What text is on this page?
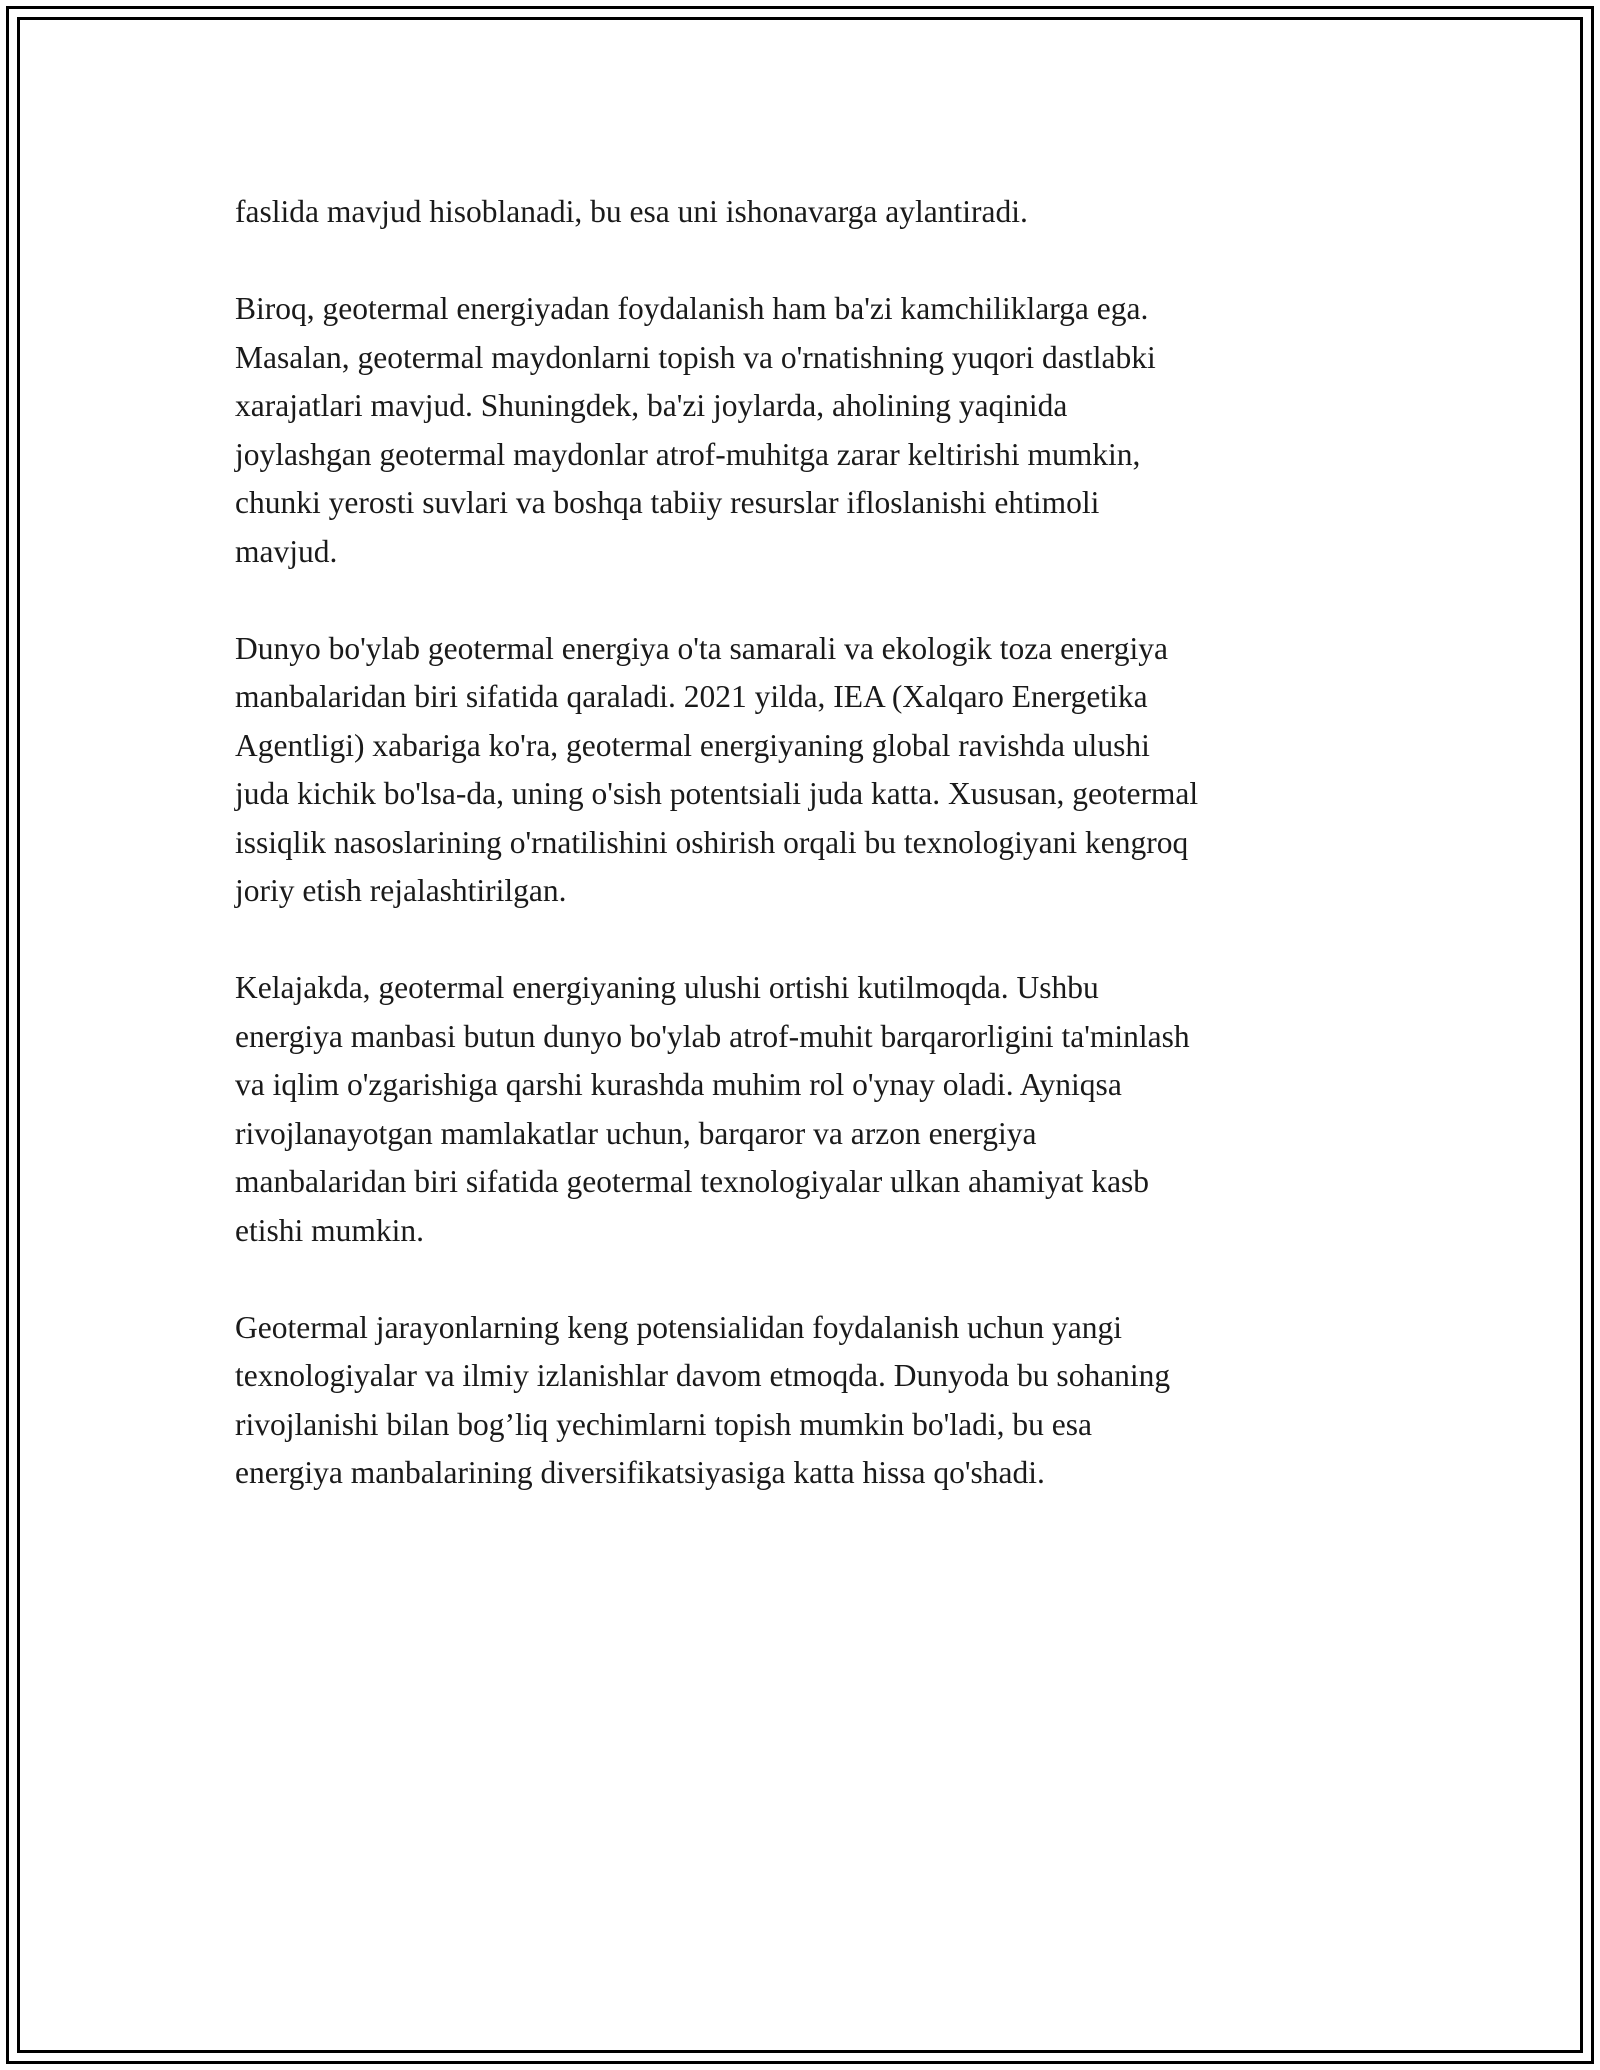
faslida mavjud hisoblanadi, bu esa uni ishonavarga aylantiradi.

Biroq, geotermal energiyadan foydalanish ham ba'zi kamchiliklarga ega.
Masalan, geotermal maydonlarni topish va o'rnatishning yuqori dastlabki
xarajatlari mavjud. Shuningdek, ba'zi joylarda, aholining yaqinida
joylashgan geotermal maydonlar atrof-muhitga zarar keltirishi mumkin,
chunki yerosti suvlari va boshqa tabiiy resurslar ifloslanishi ehtimoli
mavjud.

Dunyo bo'ylab geotermal energiya o'ta samarali va ekologik toza energiya
manbalaridan biri sifatida qaraladi. 2021 yilda, IEA (Xalqaro Energetika
Agentligi) xabariga ko'ra, geotermal energiyaning global ravishda ulushi
juda kichik bo'lsa-da, uning o'sish potentsiali juda katta. Xususan, geotermal
issiqlik nasoslarining o'rnatilishini oshirish orqali bu texnologiyani kengroq
joriy etish rejalashtirilgan.

Kelajakda, geotermal energiyaning ulushi ortishi kutilmoqda. Ushbu
energiya manbasi butun dunyo bo'ylab atrof-muhit barqarorligini ta'minlash
va iqlim o'zgarishiga qarshi kurashda muhim rol o'ynay oladi. Ayniqsa
rivojlanayotgan mamlakatlar uchun, barqaror va arzon energiya
manbalaridan biri sifatida geotermal texnologiyalar ulkan ahamiyat kasb
etishi mumkin.

Geotermal jarayonlarning keng potensialidan foydalanish uchun yangi
texnologiyalar va ilmiy izlanishlar davom etmoqda. Dunyoda bu sohaning
rivojlanishi bilan bog’liq yechimlarni topish mumkin bo'ladi, bu esa
energiya manbalarining diversifikatsiyasiga katta hissa qo'shadi.
